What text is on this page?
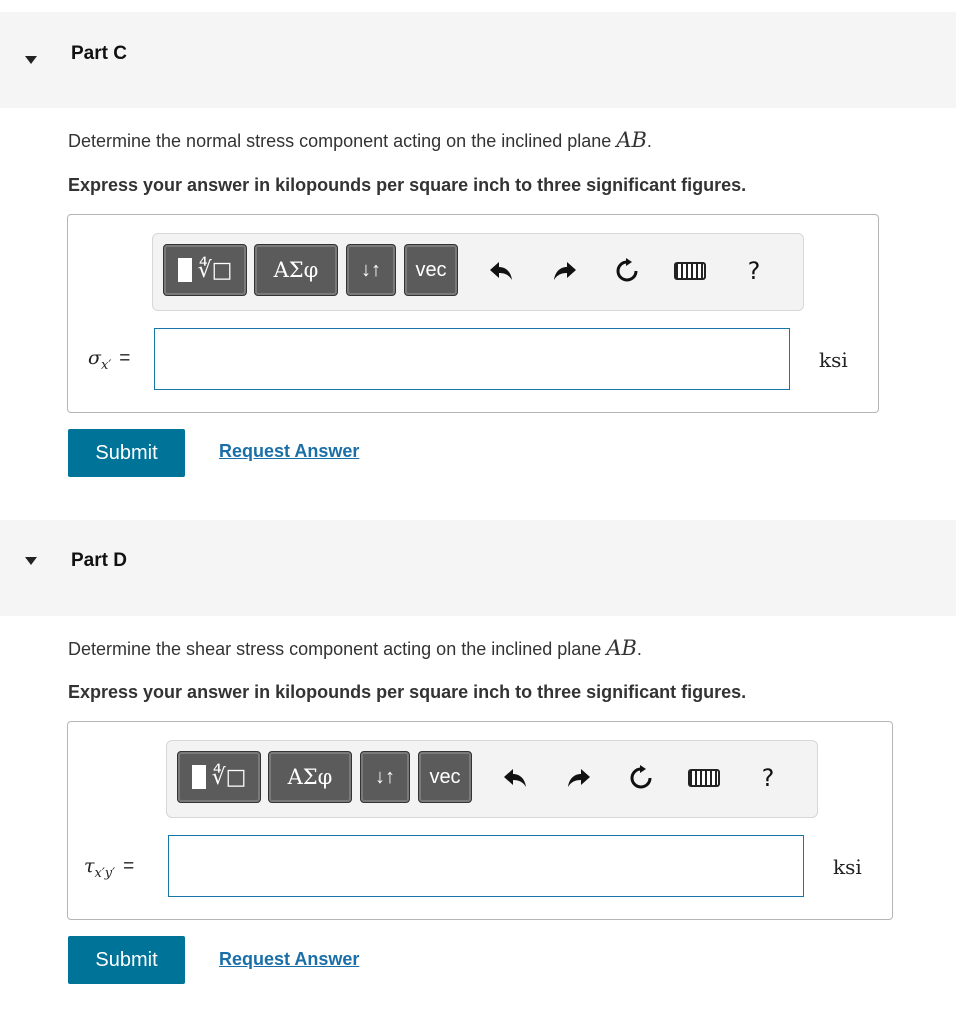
Part C
Determine the normal stress component acting on the inclined plane AB.
Express your answer in kilopounds per square inch to three significant figures.
∜□	ΑΣφ	↓↑	vec	?
$\sigma_{x'}$ =	ksi
Submit	Request Answer
Part D
Determine the shear stress component acting on the inclined plane AB.
Express your answer in kilopounds per square inch to three significant figures.
∜□	ΑΣφ	↓↑	vec	?
$\tau_{x'y'}$ =	ksi
Submit	Request Answer
